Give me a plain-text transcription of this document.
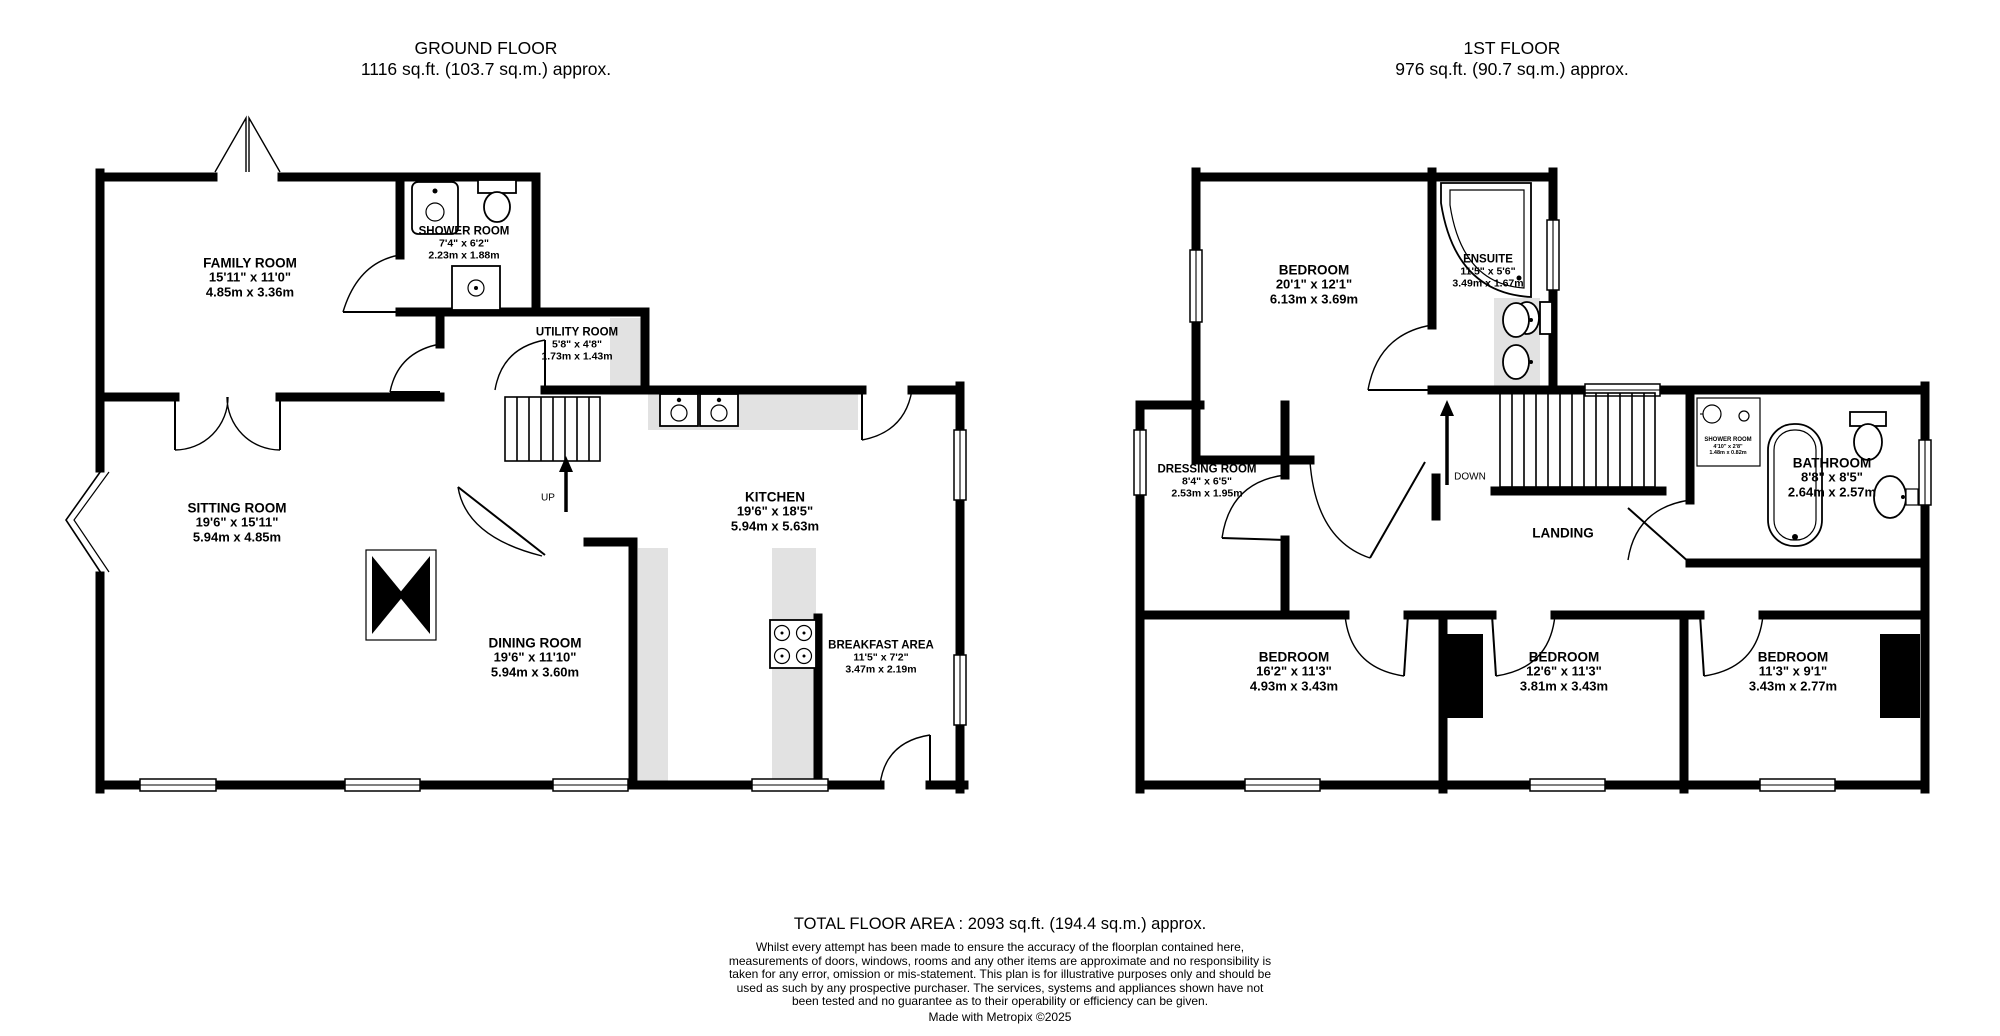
GROUND FLOOR
1116 sq.ft. (103.7 sq.m.) approx.
1ST FLOOR
976 sq.ft. (90.7 sq.m.) approx.
FAMILY ROOM
15'11" x 11'0"
4.85m x 3.36m
SHOWER ROOM
7'4" x 6'2"
2.23m x 1.88m
UTILITY ROOM
5'8" x 4'8"
1.73m x 1.43m
SITTING ROOM
19'6" x 15'11"
5.94m x 4.85m
KITCHEN
19'6" x 18'5"
5.94m x 5.63m
DINING ROOM
19'6" x 11'10"
5.94m x 3.60m
BREAKFAST AREA
11'5" x 7'2"
3.47m x 2.19m
UP
BEDROOM
20'1" x 12'1"
6.13m x 3.69m
ENSUITE
11'5" x 5'6"
3.49m x 1.67m
DRESSING ROOM
8'4" x 6'5"
2.53m x 1.95m
LANDING
BATHROOM
8'8" x 8'5"
2.64m x 2.57m
SHOWER ROOM
4'10" x 2'8"
1.48m x 0.82m
BEDROOM
16'2" x 11'3"
4.93m x 3.43m
BEDROOM
12'6" x 11'3"
3.81m x 3.43m
BEDROOM
11'3" x 9'1"
3.43m x 2.77m
DOWN
TOTAL FLOOR AREA : 2093 sq.ft. (194.4 sq.m.) approx.
Whilst every attempt has been made to ensure the accuracy of the floorplan contained here, measurements of doors, windows, rooms and any other items are approximate and no responsibility is taken for any error, omission or mis-statement. This plan is for illustrative purposes only and should be used as such by any prospective purchaser. The services, systems and appliances shown have not been tested and no guarantee as to their operability or efficiency can be given.
Made with Metropix ©2025
